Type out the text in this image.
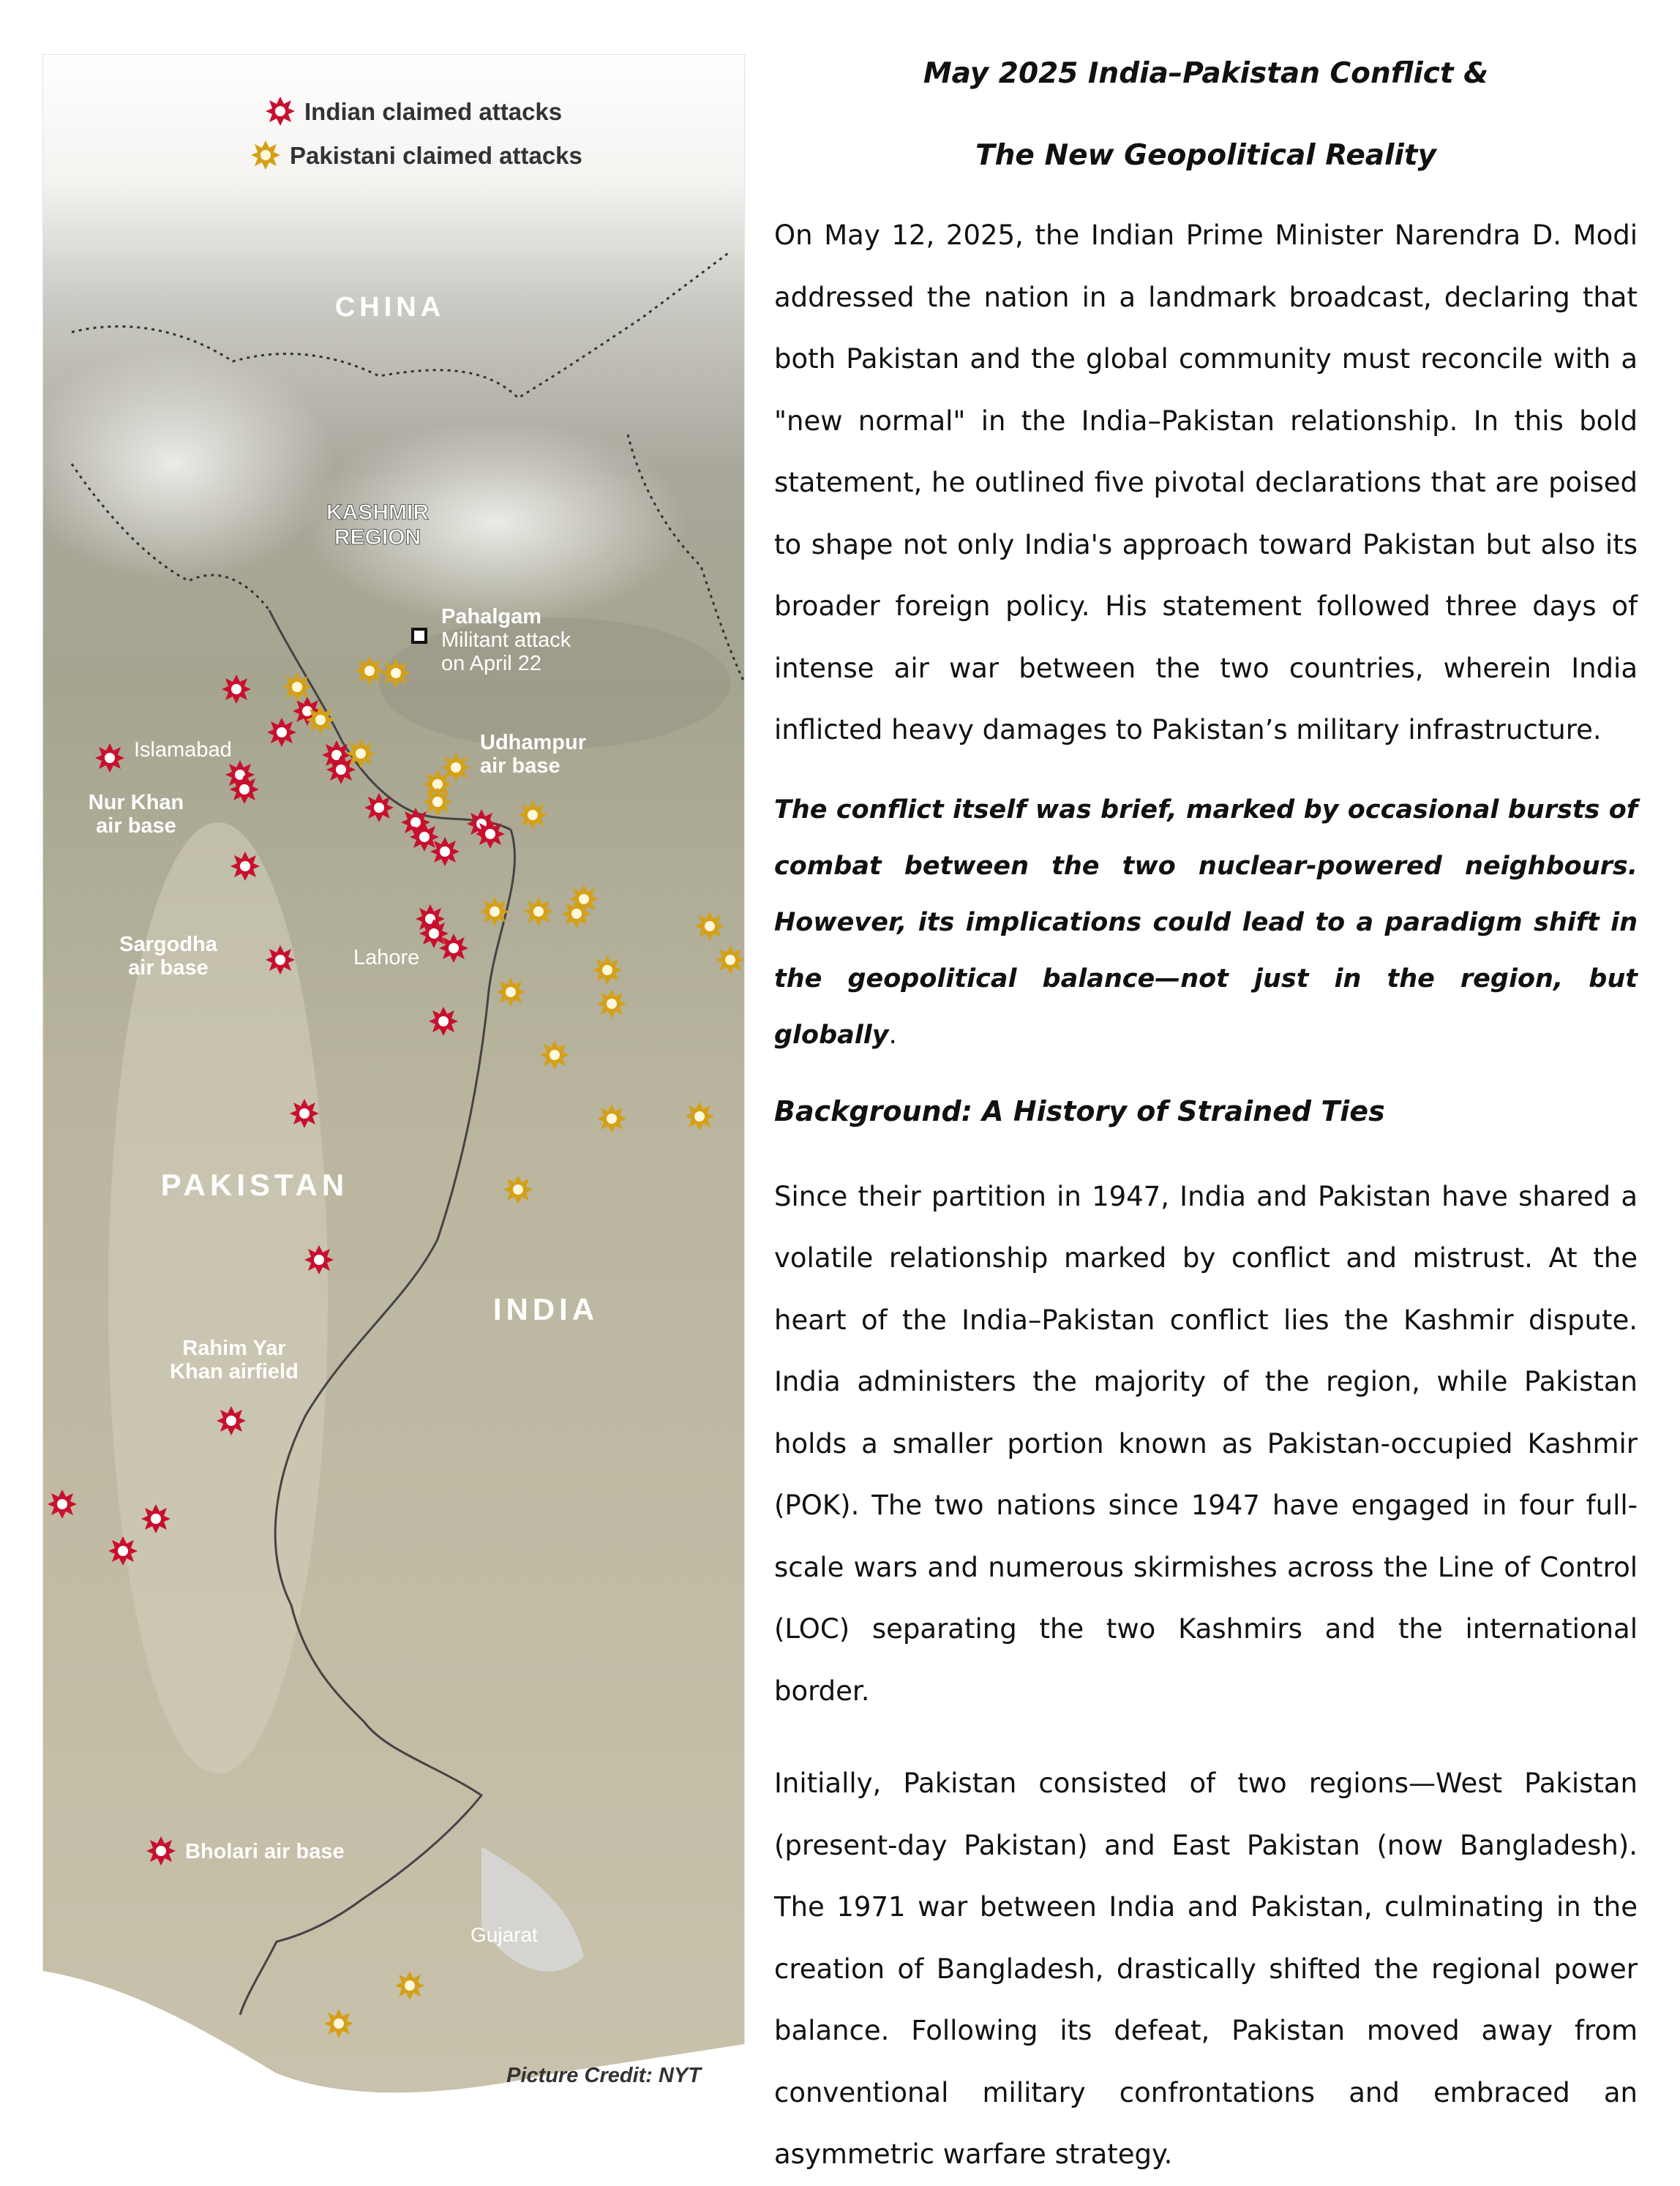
Indian claimed attacks
Pakistani claimed attacks
CHINA
KASHMIR
REGION
Pahalgam
Militant attack
on April 22
Udhampur
air base
Islamabad
Nur Khan
air base
Sargodha
air base	Lahore
PAKISTAN
INDIA
Rahim Yar
Khan airfield
Bholari air base
Gujarat
Picture Credit: NYT
May 2025 India–Pakistan Conflict &
The New Geopolitical Reality

On May 12, 2025, the Indian Prime Minister Narendra D. Modi addressed the nation in a landmark broadcast, declaring that both Pakistan and the global community must reconcile with a "new normal" in the India–Pakistan relationship. In this bold statement, he outlined five pivotal declarations that are poised to shape not only India's approach toward Pakistan but also its broader foreign policy. His statement followed three days of intense air war between the two countries, wherein India inflicted heavy damages to Pakistan’s military infrastructure.

The conflict itself was brief, marked by occasional bursts of combat between the two nuclear-powered neighbours. However, its implications could lead to a paradigm shift in the geopolitical balance—not just in the region, but globally.

Background: A History of Strained Ties

Since their partition in 1947, India and Pakistan have shared a volatile relationship marked by conflict and mistrust. At the heart of the India–Pakistan conflict lies the Kashmir dispute. India administers the majority of the region, while Pakistan holds a smaller portion known as Pakistan-occupied Kashmir (POK). The two nations since 1947 have engaged in four full-scale wars and numerous skirmishes across the Line of Control (LOC) separating the two Kashmirs and the international border.

Initially, Pakistan consisted of two regions—West Pakistan (present-day Pakistan) and East Pakistan (now Bangladesh). The 1971 war between India and Pakistan, culminating in the creation of Bangladesh, drastically shifted the regional power balance. Following its defeat, Pakistan moved away from conventional military confrontations and embraced an asymmetric warfare strategy.
